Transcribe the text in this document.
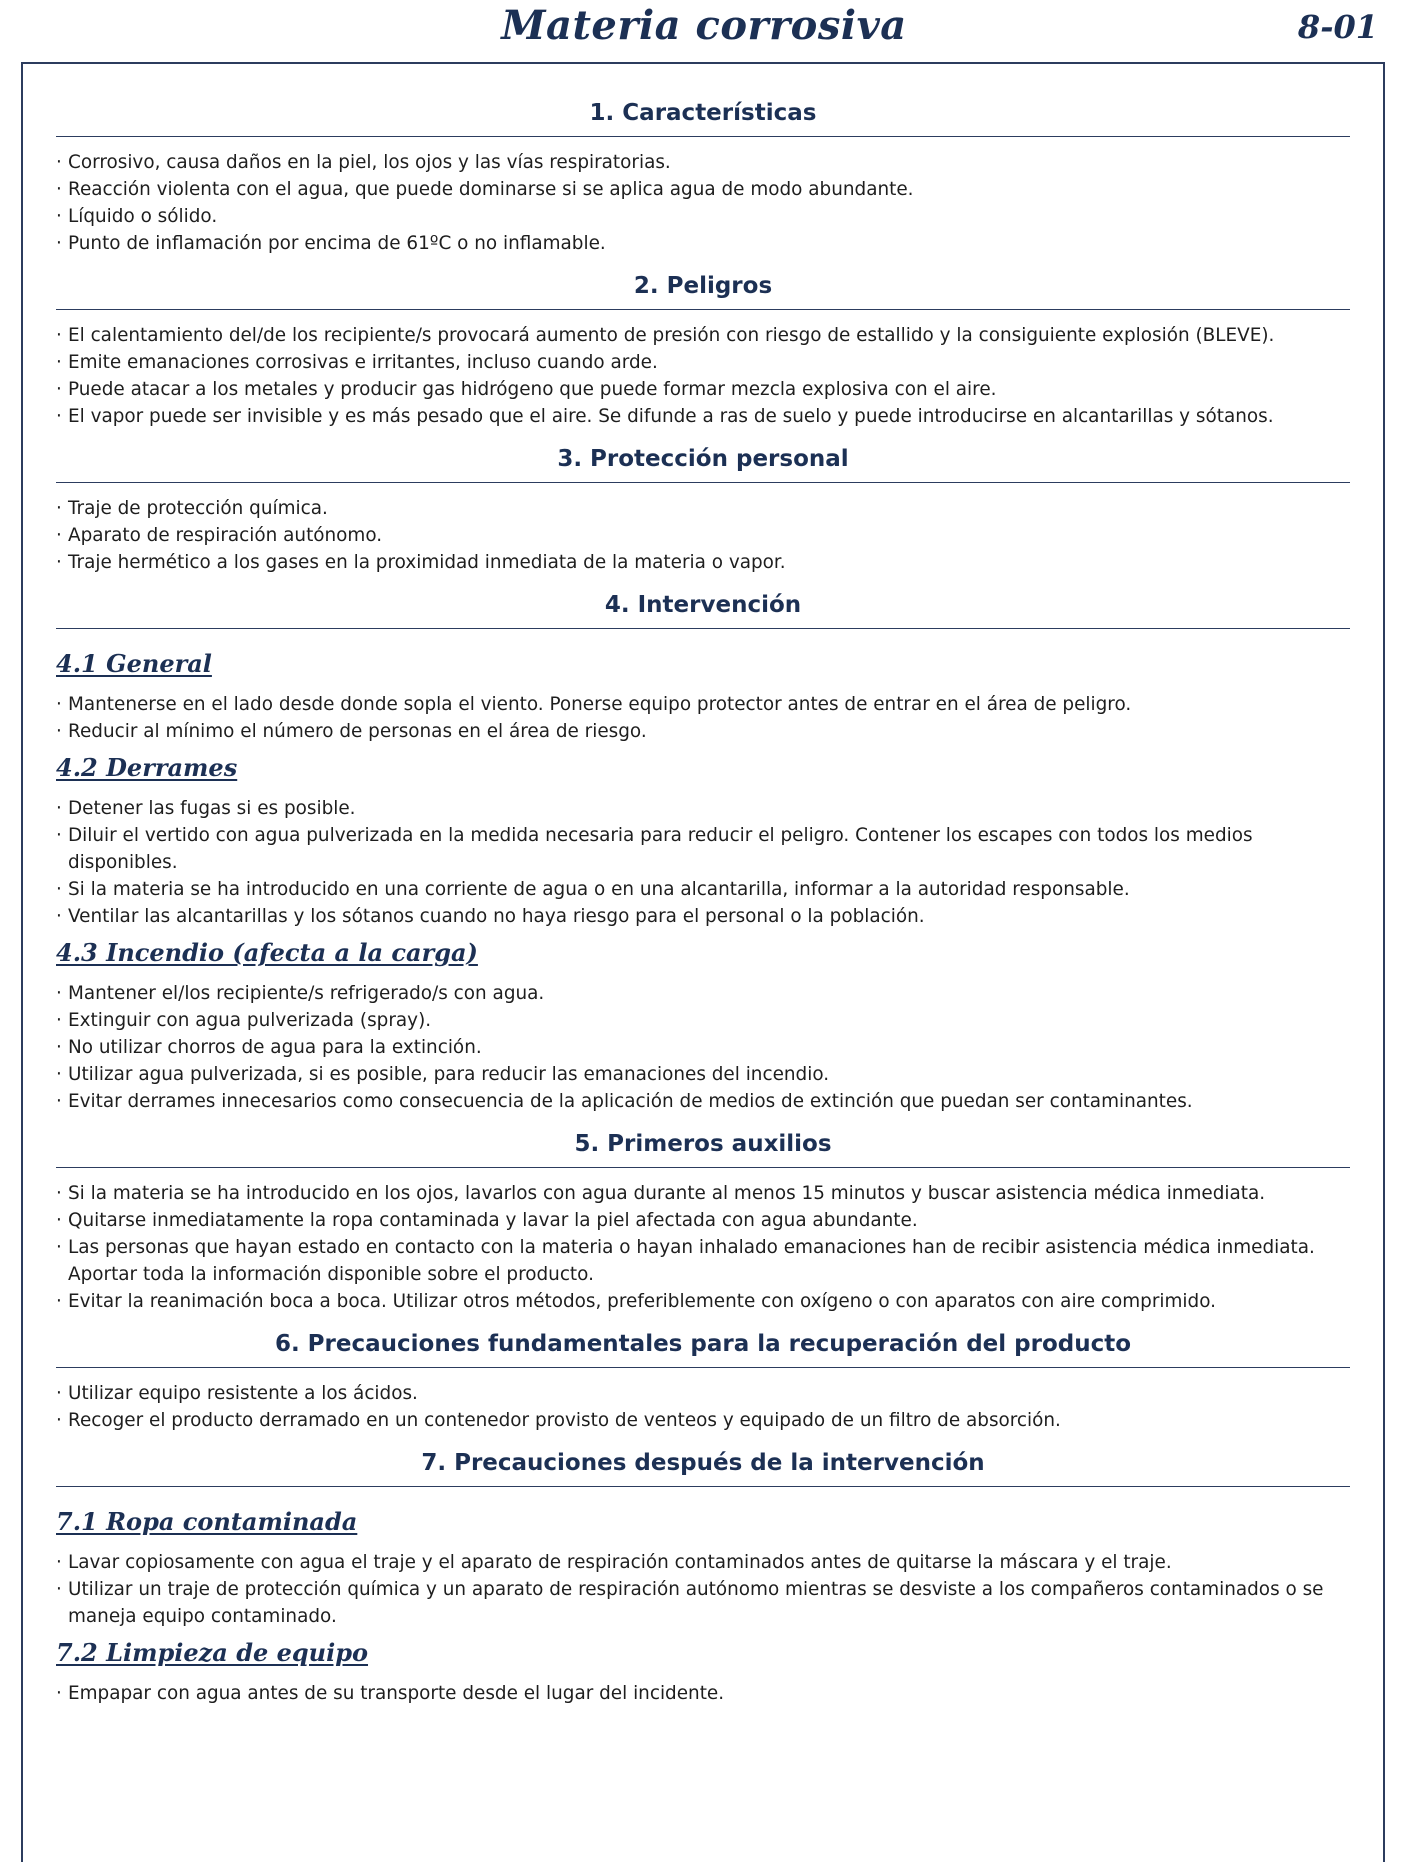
Materia corrosiva	8-01
1. Características
· Corrosivo, causa daños en la piel, los ojos y las vías respiratorias.
· Reacción violenta con el agua, que puede dominarse si se aplica agua de modo abundante.
· Líquido o sólido.
· Punto de inflamación por encima de 61ºC o no inflamable.
2. Peligros
· El calentamiento del/de los recipiente/s provocará aumento de presión con riesgo de estallido y la consiguiente explosión (BLEVE).
· Emite emanaciones corrosivas e irritantes, incluso cuando arde.
· Puede atacar a los metales y producir gas hidrógeno que puede formar mezcla explosiva con el aire.
· El vapor puede ser invisible y es más pesado que el aire. Se difunde a ras de suelo y puede introducirse en alcantarillas y sótanos.
3. Protección personal
· Traje de protección química.
· Aparato de respiración autónomo.
· Traje hermético a los gases en la proximidad inmediata de la materia o vapor.
4. Intervención
4.1 General
· Mantenerse en el lado desde donde sopla el viento. Ponerse equipo protector antes de entrar en el área de peligro.
· Reducir al mínimo el número de personas en el área de riesgo.
4.2 Derrames
· Detener las fugas si es posible.
· Diluir el vertido con agua pulverizada en la medida necesaria para reducir el peligro. Contener los escapes con todos los medios disponibles.
· Si la materia se ha introducido en una corriente de agua o en una alcantarilla, informar a la autoridad responsable.
· Ventilar las alcantarillas y los sótanos cuando no haya riesgo para el personal o la población.
4.3 Incendio (afecta a la carga)
· Mantener el/los recipiente/s refrigerado/s con agua.
· Extinguir con agua pulverizada (spray).
· No utilizar chorros de agua para la extinción.
· Utilizar agua pulverizada, si es posible, para reducir las emanaciones del incendio.
· Evitar derrames innecesarios como consecuencia de la aplicación de medios de extinción que puedan ser contaminantes.
5. Primeros auxilios
· Si la materia se ha introducido en los ojos, lavarlos con agua durante al menos 15 minutos y buscar asistencia médica inmediata.
· Quitarse inmediatamente la ropa contaminada y lavar la piel afectada con agua abundante.
· Las personas que hayan estado en contacto con la materia o hayan inhalado emanaciones han de recibir asistencia médica inmediata. Aportar toda la información disponible sobre el producto.
· Evitar la reanimación boca a boca. Utilizar otros métodos, preferiblemente con oxígeno o con aparatos con aire comprimido.
6. Precauciones fundamentales para la recuperación del producto
· Utilizar equipo resistente a los ácidos.
· Recoger el producto derramado en un contenedor provisto de venteos y equipado de un filtro de absorción.
7. Precauciones después de la intervención
7.1 Ropa contaminada
· Lavar copiosamente con agua el traje y el aparato de respiración contaminados antes de quitarse la máscara y el traje.
· Utilizar un traje de protección química y un aparato de respiración autónomo mientras se desviste a los compañeros contaminados o se maneja equipo contaminado.
7.2 Limpieza de equipo
· Empapar con agua antes de su transporte desde el lugar del incidente.
